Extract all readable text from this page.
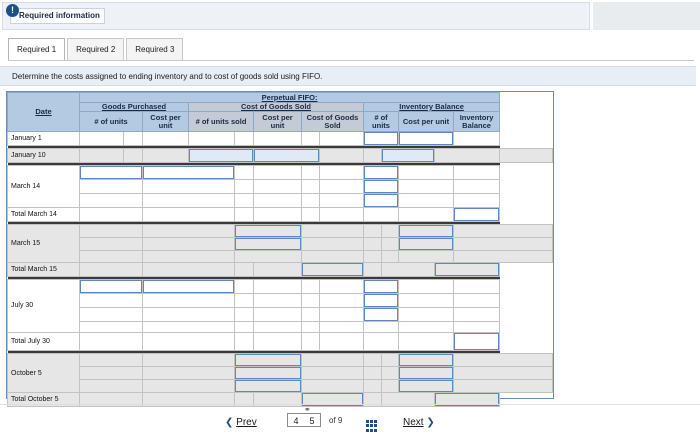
Required information
!
Required 1	Required 2	Required 3
Determine the costs assigned to ending inventory and to cost of goods sold using FIFO.
Date	Perpetual FIFO:													
	Goods Purchased			Cost of Goods Sold					Inventory Balance					
	# of units		Cost per unit	# of units sold		Cost per unit	Cost of Goods Sold		# of units		Cost per unit		Inventory Balance	
January 1												

January 10								

March 14						

Total March 14														

March 15									

Total March 15											

July 30						

Total July 30														

October 5									

Total October 5											

⚭
❮ Prev	4 5 of 9	Next ❯
